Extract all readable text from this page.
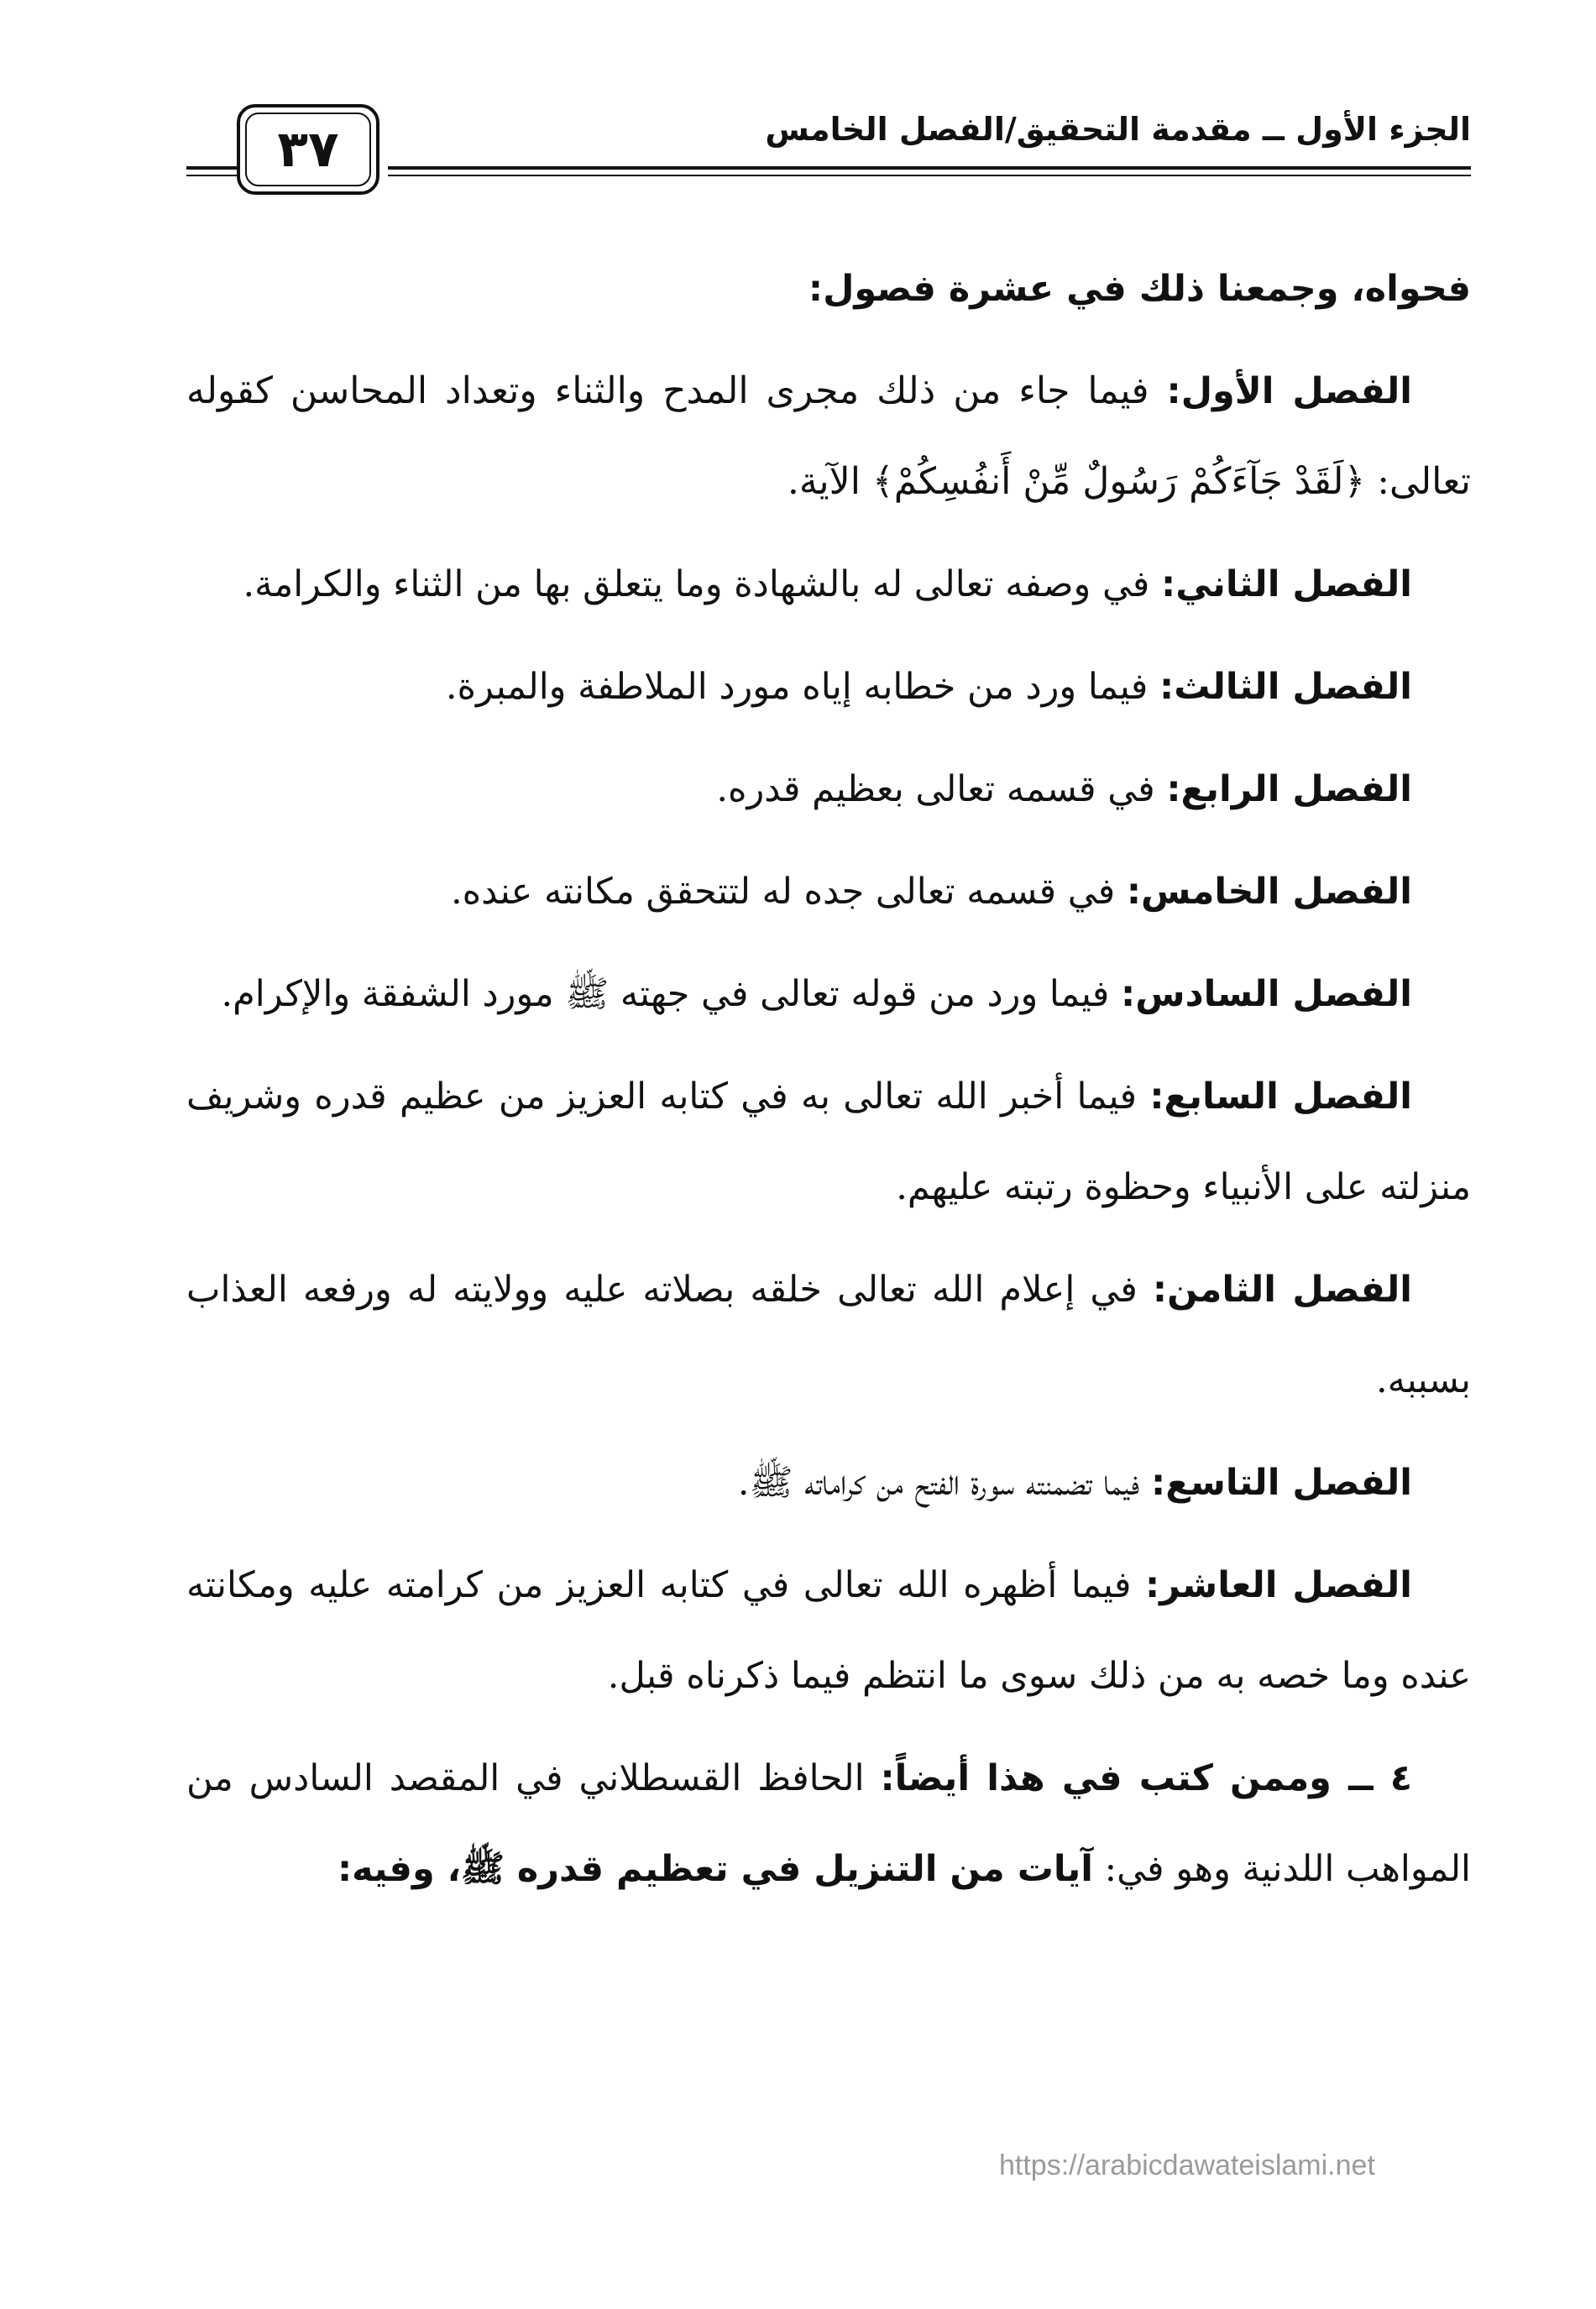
الجزء الأول ــ مقدمة التحقيق/الفصل الخامس
٣٧

فحواه، وجمعنا ذلك في عشرة فصول:

الفصل الأول: فيما جاء من ذلك مجرى المدح والثناء وتعداد المحاسن كقوله تعالى: ﴿لَقَدْ جَآءَكُمْ رَسُولٌ مِّنْ أَنفُسِكُمْ﴾ الآية.

الفصل الثاني: في وصفه تعالى له بالشهادة وما يتعلق بها من الثناء والكرامة.

الفصل الثالث: فيما ورد من خطابه إياه مورد الملاطفة والمبرة.

الفصل الرابع: في قسمه تعالى بعظيم قدره.

الفصل الخامس: في قسمه تعالى جده له لتتحقق مكانته عنده.

الفصل السادس: فيما ورد من قوله تعالى في جهته ﷺ مورد الشفقة والإكرام.

الفصل السابع: فيما أخبر الله تعالى به في كتابه العزيز من عظيم قدره وشريف منزلته على الأنبياء وحظوة رتبته عليهم.

الفصل الثامن: في إعلام الله تعالى خلقه بصلاته عليه وولايته له ورفعه العذاب بسببه.

الفصل التاسع: فيما تضمنته سورة الفتح من كراماته ﷺ.

الفصل العاشر: فيما أظهره الله تعالى في كتابه العزيز من كرامته عليه ومكانته عنده وما خصه به من ذلك سوى ما انتظم فيما ذكرناه قبل.

٤ ــ وممن كتب في هذا أيضاً: الحافظ القسطلاني في المقصد السادس من المواهب اللدنية وهو في: آيات من التنزيل في تعظيم قدره ﷺ، وفيه:

https://arabicdawateislami.net
